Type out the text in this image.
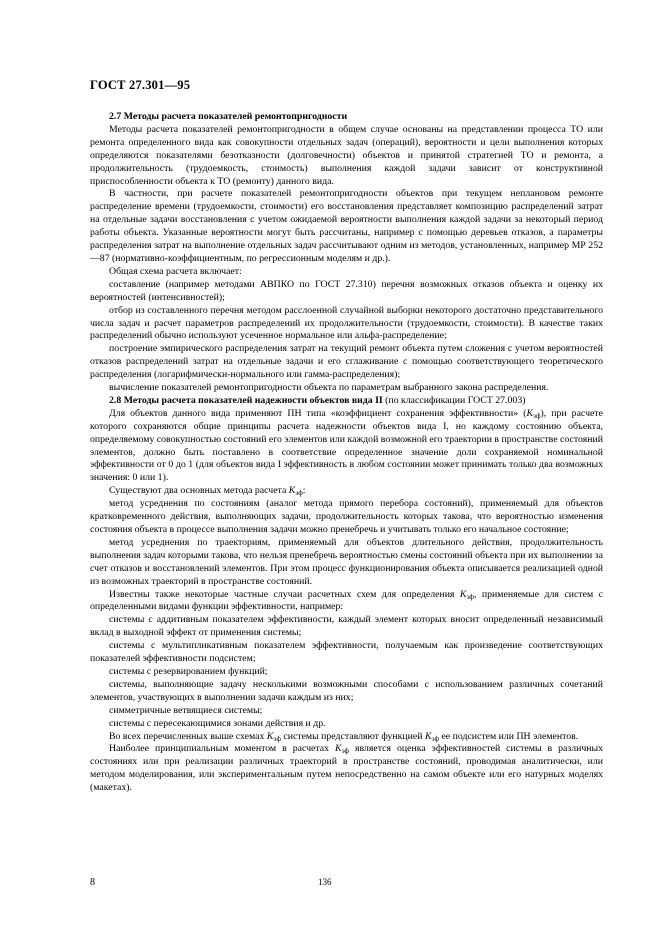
ГОСТ 27.301—95

2.7 Методы расчета показателей ремонтопригодности

Методы расчета показателей ремонтопригодности в общем случае основаны на представлении процесса ТО или ремонта определенного вида как совокупности отдельных задач (операций), вероятности и цели выполнения которых определяются показателями безотказности (долговечности) объектов и принятой стратегией ТО и ремонта, а продолжительность (трудоемкость, стоимость) выполнения каждой задачи зависит от конструктивной приспособленности объекта к ТО (ремонту) данного вида.

В частности, при расчете показателей ремонтопригодности объектов при текущем неплановом ремонте распределение времени (трудоемкости, стоимости) его восстановления представляет композицию распределений затрат на отдельные задачи восстановления с учетом ожидаемой вероятности выполнения каждой задачи за некоторый период работы объекта. Указанные вероятности могут быть рассчитаны, например с помощью деревьев отказов, а параметры распределения затрат на выполнение отдельных задач рассчитывают одним из методов, установленных, например МР 252—87 (нормативно-коэффициентным, по регрессионным моделям и др.).

Общая схема расчета включает:

составление (например методами АВПКО по ГОСТ 27.310) перечня возможных отказов объекта и оценку их вероятностей (интенсивностей);

отбор из составленного перечня методом расслоенной случайной выборки некоторого достаточно представительного числа задач и расчет параметров распределений их продолжительности (трудоемкости, стоимости). В качестве таких распределений обычно используют усеченное нормальное или альфа-распределение;

построение эмпирического распределения затрат на текущий ремонт объекта путем сложения с учетом вероятностей отказов распределений затрат на отдельные задачи и его сглаживание с помощью соответствующего теоретического распределения (логарифмически-нормального или гамма-распределения);

вычисление показателей ремонтопригодности объекта по параметрам выбранного закона распределения.

2.8 Методы расчета показателей надежности объектов вида II (по классификации ГОСТ 27.003)

Для объектов данного вида применяют ПН типа «коэффициент сохранения эффективности» $(K_{эф})$, при расчете которого сохраняются общие принципы расчета надежности объектов вида I, но каждому состоянию объекта, определяемому совокупностью состояний его элементов или каждой возможной его траектории в пространстве состояний элементов, должно быть поставлено в соответствие определенное значение доли сохраняемой номинальной эффективности от 0 до 1 (для объектов вида I эффективность в любом состоянии может принимать только два возможных значения: 0 или 1).

Существуют два основных метода расчета $K_{эф}$:

метод усреднения по состояниям (аналог метода прямого перебора состояний), применяемый для объектов кратковременного действия, выполняющих задачи, продолжительность которых такова, что вероятностью изменения состояния объекта в процессе выполнения задачи можно пренебречь и учитывать только его начальное состояние;

метод усреднения по траекториям, применяемый для объектов длительного действия, продолжительность выполнения задач которыми такова, что нельзя пренебречь вероятностью смены состояний объекта при их выполнении за счет отказов и восстановлений элементов. При этом процесс функционирования объекта описывается реализацией одной из возможных траекторий в пространстве состояний.

Известны также некоторые частные случаи расчетных схем для определения $K_{эф}$, применяемые для систем с определенными видами функции эффективности, например:

системы с аддитивным показателем эффективности, каждый элемент которых вносит определенный независимый вклад в выходной эффект от применения системы;

системы с мультипликативным показателем эффективности, получаемым как произведение соответствующих показателей эффективности подсистем;

системы с резервированием функций;

системы, выполняющие задачу несколькими возможными способами с использованием различных сочетаний элементов, участвующих в выполнении задачи каждым из них;

симметричные ветвящиеся системы;

системы с пересекающимися зонами действия и др.

Во всех перечисленных выше схемах $K_{эф}$ системы представляют функцией $K_{эф}$ ее подсистем или ПН элементов.

Наиболее принципиальным моментом в расчетах $K_{эф}$ является оценка эффективностей системы в различных состояниях или при реализации различных траекторий в пространстве состояний, проводимая аналитически, или методом моделирования, или экспериментальным путем непосредственно на самом объекте или его натурных моделях (макетах).

8	136
